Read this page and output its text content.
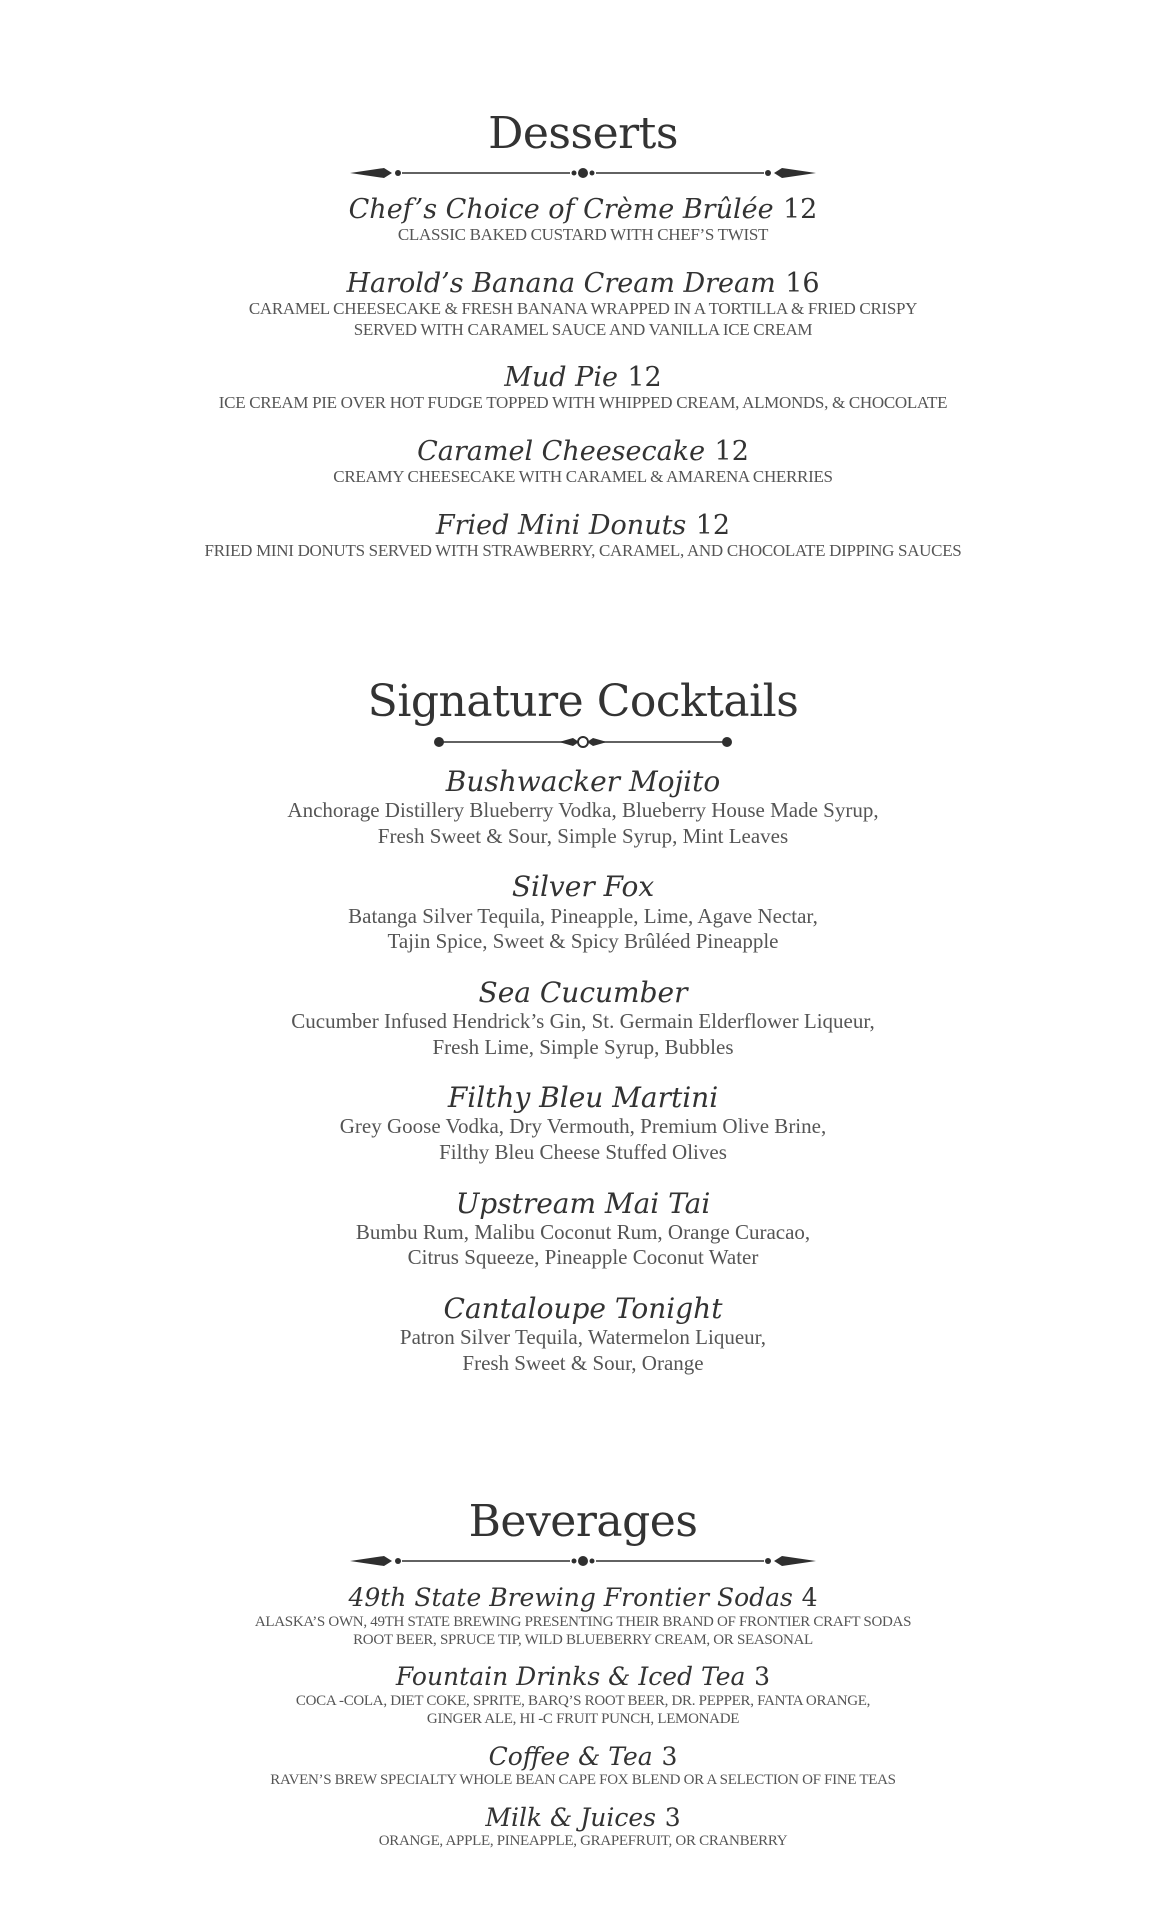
Desserts
Chef’s Choice of Crème Brûlée 12
CLASSIC BAKED CUSTARD WITH CHEF’S TWIST
Harold’s Banana Cream Dream 16
CARAMEL CHEESECAKE & FRESH BANANA WRAPPED IN A TORTILLA & FRIED CRISPY
SERVED WITH CARAMEL SAUCE AND VANILLA ICE CREAM
Mud Pie 12
ICE CREAM PIE OVER HOT FUDGE TOPPED WITH WHIPPED CREAM, ALMONDS, & CHOCOLATE
Caramel Cheesecake 12
CREAMY CHEESECAKE WITH CARAMEL & AMARENA CHERRIES
Fried Mini Donuts 12
FRIED MINI DONUTS SERVED WITH STRAWBERRY, CARAMEL, AND CHOCOLATE DIPPING SAUCES
Signature Cocktails
Bushwacker Mojito
Anchorage Distillery Blueberry Vodka, Blueberry House Made Syrup,
Fresh Sweet & Sour, Simple Syrup, Mint Leaves
Silver Fox
Batanga Silver Tequila, Pineapple, Lime, Agave Nectar,
Tajin Spice, Sweet & Spicy Brûléed Pineapple
Sea Cucumber
Cucumber Infused Hendrick’s Gin, St. Germain Elderflower Liqueur,
Fresh Lime, Simple Syrup, Bubbles
Filthy Bleu Martini
Grey Goose Vodka, Dry Vermouth, Premium Olive Brine,
Filthy Bleu Cheese Stuffed Olives
Upstream Mai Tai
Bumbu Rum, Malibu Coconut Rum, Orange Curacao,
Citrus Squeeze, Pineapple Coconut Water
Cantaloupe Tonight
Patron Silver Tequila, Watermelon Liqueur,
Fresh Sweet & Sour, Orange
Beverages
49th State Brewing Frontier Sodas 4
ALASKA’S OWN, 49TH STATE BREWING PRESENTING THEIR BRAND OF FRONTIER CRAFT SODAS
ROOT BEER, SPRUCE TIP, WILD BLUEBERRY CREAM, OR SEASONAL
Fountain Drinks & Iced Tea 3
COCA -COLA, DIET COKE, SPRITE, BARQ’S ROOT BEER, DR. PEPPER, FANTA ORANGE,
GINGER ALE, HI -C FRUIT PUNCH, LEMONADE
Coffee & Tea 3
RAVEN’S BREW SPECIALTY WHOLE BEAN CAPE FOX BLEND OR A SELECTION OF FINE TEAS
Milk & Juices 3
ORANGE, APPLE, PINEAPPLE, GRAPEFRUIT, OR CRANBERRY
